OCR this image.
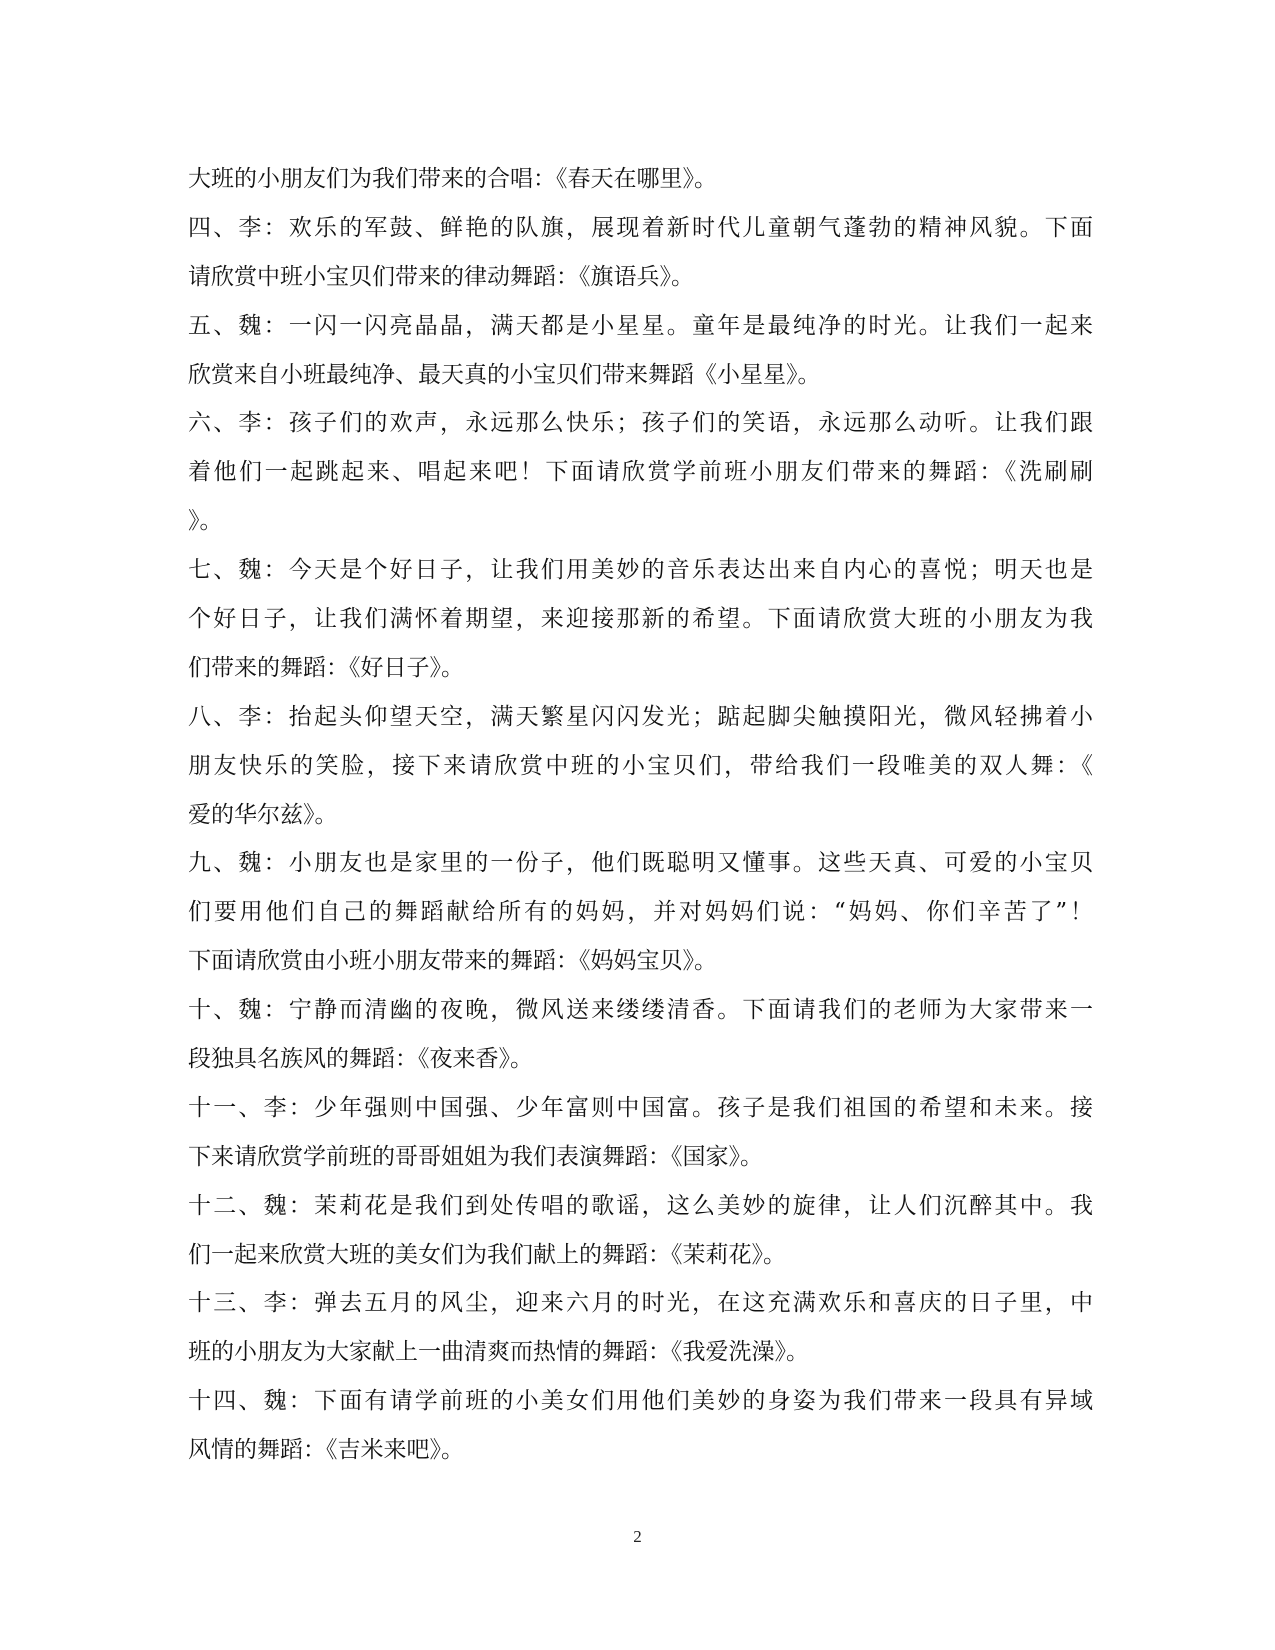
大班的小朋友们为我们带来的合唱：《春天在哪里》。
四、李：欢乐的军鼓、鲜艳的队旗，展现着新时代儿童朝气蓬勃的精神风貌。下面
请欣赏中班小宝贝们带来的律动舞蹈：《旗语兵》。
五、魏：一闪一闪亮晶晶，满天都是小星星。童年是最纯净的时光。让我们一起来
欣赏来自小班最纯净、最天真的小宝贝们带来舞蹈《小星星》。
六、李：孩子们的欢声，永远那么快乐；孩子们的笑语，永远那么动听。让我们跟
着他们一起跳起来、唱起来吧！下面请欣赏学前班小朋友们带来的舞蹈：《洗刷刷
》。
七、魏：今天是个好日子，让我们用美妙的音乐表达出来自内心的喜悦；明天也是
个好日子，让我们满怀着期望，来迎接那新的希望。下面请欣赏大班的小朋友为我
们带来的舞蹈：《好日子》。
八、李：抬起头仰望天空，满天繁星闪闪发光；踮起脚尖触摸阳光，微风轻拂着小
朋友快乐的笑脸，接下来请欣赏中班的小宝贝们，带给我们一段唯美的双人舞：《
爱的华尔兹》。
九、魏：小朋友也是家里的一份子，他们既聪明又懂事。这些天真、可爱的小宝贝
们要用他们自己的舞蹈献给所有的妈妈，并对妈妈们说：“妈妈、你们辛苦了”！
下面请欣赏由小班小朋友带来的舞蹈：《妈妈宝贝》。
十、魏：宁静而清幽的夜晚，微风送来缕缕清香。下面请我们的老师为大家带来一
段独具名族风的舞蹈：《夜来香》。
十一、李：少年强则中国强、少年富则中国富。孩子是我们祖国的希望和未来。接
下来请欣赏学前班的哥哥姐姐为我们表演舞蹈：《国家》。
十二、魏：茉莉花是我们到处传唱的歌谣，这么美妙的旋律，让人们沉醉其中。我
们一起来欣赏大班的美女们为我们献上的舞蹈：《茉莉花》。
十三、李：弹去五月的风尘，迎来六月的时光，在这充满欢乐和喜庆的日子里，中
班的小朋友为大家献上一曲清爽而热情的舞蹈：《我爱洗澡》。
十四、魏：下面有请学前班的小美女们用他们美妙的身姿为我们带来一段具有异域
风情的舞蹈：《吉米来吧》。
2
